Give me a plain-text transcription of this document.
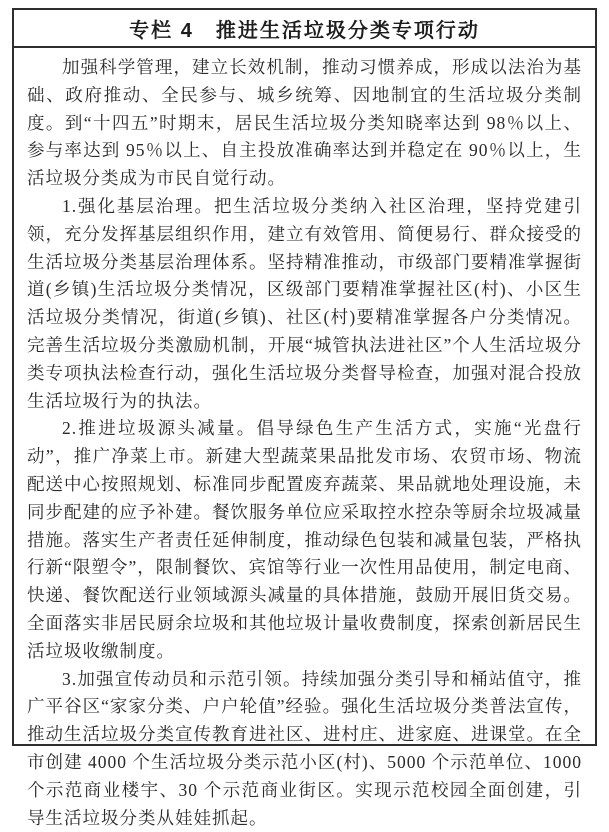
专栏 4　推进生活垃圾分类专项行动

加强科学管理，建立长效机制，推动习惯养成，形成以法治为基础、政府推动、全民参与、城乡统筹、因地制宜的生活垃圾分类制度。到“十四五”时期末，居民生活垃圾分类知晓率达到 98％以上、参与率达到 95％以上、自主投放准确率达到并稳定在 90％以上，生活垃圾分类成为市民自觉行动。

1.强化基层治理。把生活垃圾分类纳入社区治理，坚持党建引领，充分发挥基层组织作用，建立有效管用、简便易行、群众接受的生活垃圾分类基层治理体系。坚持精准推动，市级部门要精准掌握街道(乡镇)生活垃圾分类情况，区级部门要精准掌握社区(村)、小区生活垃圾分类情况，街道(乡镇)、社区(村)要精准掌握各户分类情况。完善生活垃圾分类激励机制，开展“城管执法进社区”个人生活垃圾分类专项执法检查行动，强化生活垃圾分类督导检查，加强对混合投放生活垃圾行为的执法。

2.推进垃圾源头减量。倡导绿色生产生活方式，实施“光盘行动”，推广净菜上市。新建大型蔬菜果品批发市场、农贸市场、物流配送中心按照规划、标准同步配置废弃蔬菜、果品就地处理设施，未同步配建的应予补建。餐饮服务单位应采取控水控杂等厨余垃圾减量措施。落实生产者责任延伸制度，推动绿色包装和减量包装，严格执行新“限塑令”，限制餐饮、宾馆等行业一次性用品使用，制定电商、快递、餐饮配送行业领域源头减量的具体措施，鼓励开展旧货交易。全面落实非居民厨余垃圾和其他垃圾计量收费制度，探索创新居民生活垃圾收缴制度。

3.加强宣传动员和示范引领。持续加强分类引导和桶站值守，推广平谷区“家家分类、户户轮值”经验。强化生活垃圾分类普法宣传，推动生活垃圾分类宣传教育进社区、进村庄、进家庭、进课堂。在全市创建 4000 个生活垃圾分类示范小区(村)、5000 个示范单位、1000 个示范商业楼宇、30 个示范商业街区。实现示范校园全面创建，引导生活垃圾分类从娃娃抓起。
